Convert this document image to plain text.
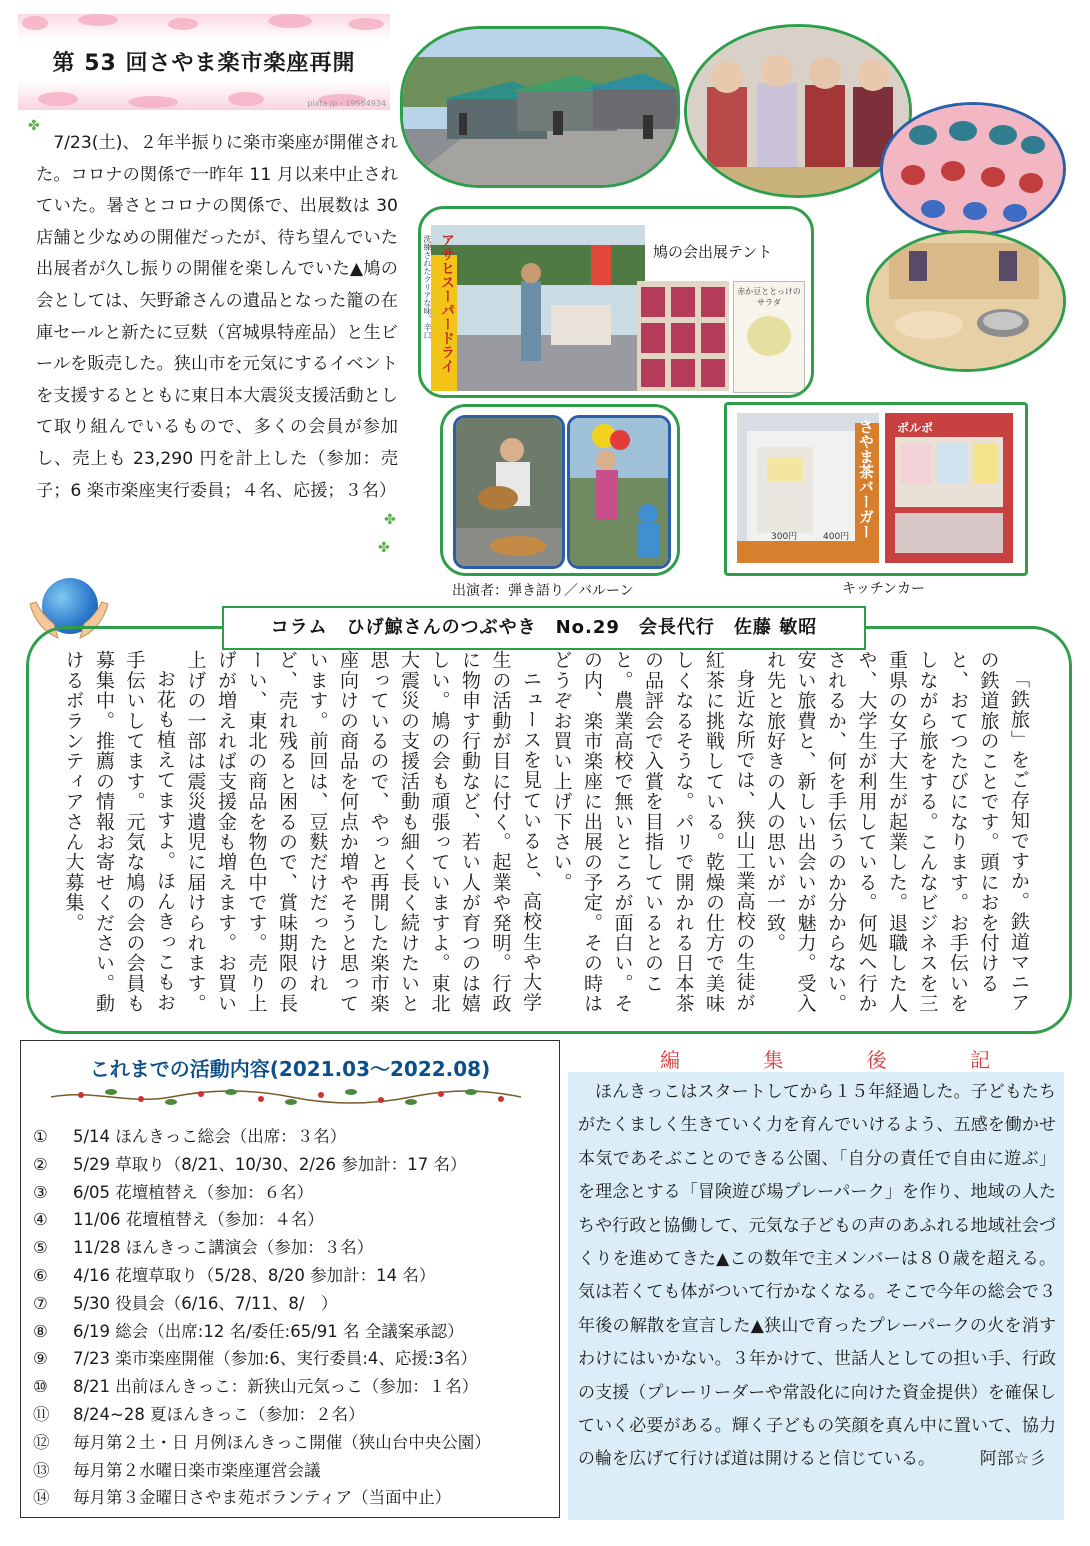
第 53 回さやま楽市楽座再開
pixta.jp - 19564934
✤
✤
✤

7/23(土)、２年半振りに楽市楽座が開催された。コロナの関係で一昨年 11 月以来中止されていた。暑さとコロナの関係で、出展数は 30 店舗と少なめの開催だったが、待ち望んでいた出展者が久し振りの開催を楽しんでいた▲鳩の会としては、矢野爺さんの遺品となった籠の在庫セールと新たに豆麩（宮城県特産品）と生ビールを販売した。狭山市を元気にするイベントを支援するとともに東日本大震災支援活動として取り組んでいるもので、多くの会員が参加し、売上も 23,290 円を計上した（参加：売子；6 楽市楽座実行委員；４名、応援；３名）

アサヒスーパードライ
洗練されたクリアな味、辛口	鳩の会出展テント
赤か豆ととっけのサラダ
出演者：弾き語り／バルーン
さやま茶バーガー
300円	400円
ポルポ
キッチンカー
コラム　ひげ鯨さんのつぶやき　No.29　会長代行　佐藤 敏昭

「鉄旅」をご存知ですか。鉄道マニアの鉄道旅のことです。頭におを付けると、おてつたびになります。お手伝いをしながら旅をする。こんなビジネスを三重県の女子大生が起業した。退職した人や、大学生が利用している。何処へ行かされるか、何を手伝うのか分からない。安い旅費と、新しい出会いが魅力。受入れ先と旅好きの人の思いが一致。

身近な所では、狭山工業高校の生徒が紅茶に挑戦している。乾燥の仕方で美味しくなるそうな。パリで開かれる日本茶の品評会で入賞を目指しているとのこと。農業高校で無いところが面白い。その内、楽市楽座に出展の予定。その時はどうぞお買い上げ下さい。

ニュースを見ていると、高校生や大学生の活動が目に付く。起業や発明。行政に物申す行動など、若い人が育つのは嬉しい。鳩の会も頑張っていますよ。東北大震災の支援活動も細く長く続けたいと思っているので、やっと再開した楽市楽座向けの商品を何点か増やそうと思っています。前回は、豆麩だけだったけれど、売れ残ると困るので、賞味期限の長ーい、東北の商品を物色中です。売り上げが増えれば支援金も増えます。お買い上げの一部は震災遺児に届けられます。

お花も植えてますよ。ほんきっこもお手伝いしてます。元気な鳩の会の会員も募集中。推薦の情報お寄せください。動けるボランティアさん大募集。

これまでの活動内容(2021.03～2022.08)
① 5/14 ほんきっこ総会（出席：３名）
② 5/29 草取り（8/21、10/30、2/26 参加計：17 名）
③ 6/05 花壇植替え（参加：６名）
④ 11/06 花壇植替え（参加：４名）
⑤ 11/28 ほんきっこ講演会（参加：３名）
⑥ 4/16 花壇草取り（5/28、8/20 参加計：14 名）
⑦ 5/30 役員会（6/16、7/11、8/　）
⑧ 6/19 総会（出席:12 名/委任:65/91 名 全議案承認）
⑨ 7/23 楽市楽座開催（参加:6、実行委員:4、応援:3名）
⑩ 8/21 出前ほんきっこ：新狭山元気っこ（参加：１名）
⑪ 8/24~28 夏ほんきっこ（参加：２名）
⑫ 毎月第２土・日 月例ほんきっこ開催（狭山台中央公園）
⑬ 毎月第２水曜日楽市楽座運営会議
⑭ 毎月第３金曜日さやま苑ボランティア（当面中止）
編	集	後	記

ほんきっこはスタートしてから１５年経過した。子どもたちがたくましく生きていく力を育んでいけるよう、五感を働かせ本気であそぶことのできる公園、「自分の責任で自由に遊ぶ」を理念とする「冒険遊び場プレーパーク」を作り、地域の人たちや行政と協働して、元気な子どもの声のあふれる地域社会づくりを進めてきた▲この数年で主メンバーは８０歳を超える。気は若くても体がついて行かなくなる。そこで今年の総会で３年後の解散を宣言した▲狭山で育ったプレーパークの火を消すわけにはいかない。３年かけて、世話人としての担い手、行政の支援（プレーリーダーや常設化に向けた資金提供）を確保していく必要がある。輝く子どもの笑顔を真ん中に置いて、協力の輪を広げて行けば道は開けると信じている。	阿部☆彡
